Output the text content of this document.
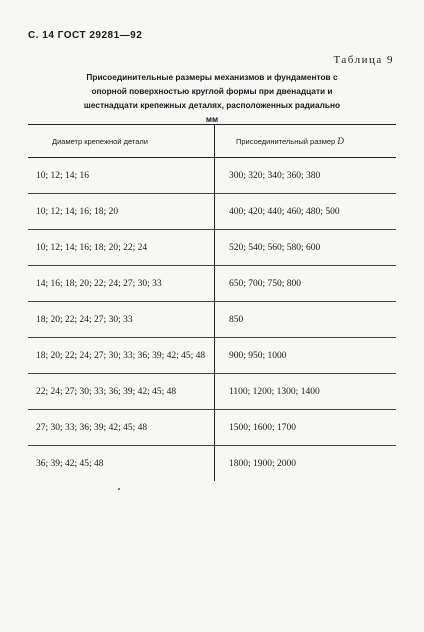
С. 14 ГОСТ 29281—92
Таблица 9
Присоединительные размеры механизмов и фундаментов с
опорной поверхностью круглой формы при двенадцати и
шестнадцати крепежных деталях, расположенных радиально
мм
Диаметр крепежной детали	Присоединительный размер D
10; 12; 14; 16	300; 320; 340; 360; 380
10; 12; 14; 16; 18; 20	400; 420; 440; 460; 480; 500
10; 12; 14; 16; 18; 20; 22; 24	520; 540; 560; 580; 600
14; 16; 18; 20; 22; 24; 27; 30; 33	650; 700; 750; 800
18; 20; 22; 24; 27; 30; 33	850
18; 20; 22; 24; 27; 30; 33; 36; 39; 42; 45; 48	900; 950; 1000
22; 24; 27; 30; 33; 36; 39; 42; 45; 48	1100; 1200; 1300; 1400
27; 30; 33; 36; 39; 42; 45; 48	1500; 1600; 1700
36; 39; 42; 45; 48	1800; 1900; 2000
